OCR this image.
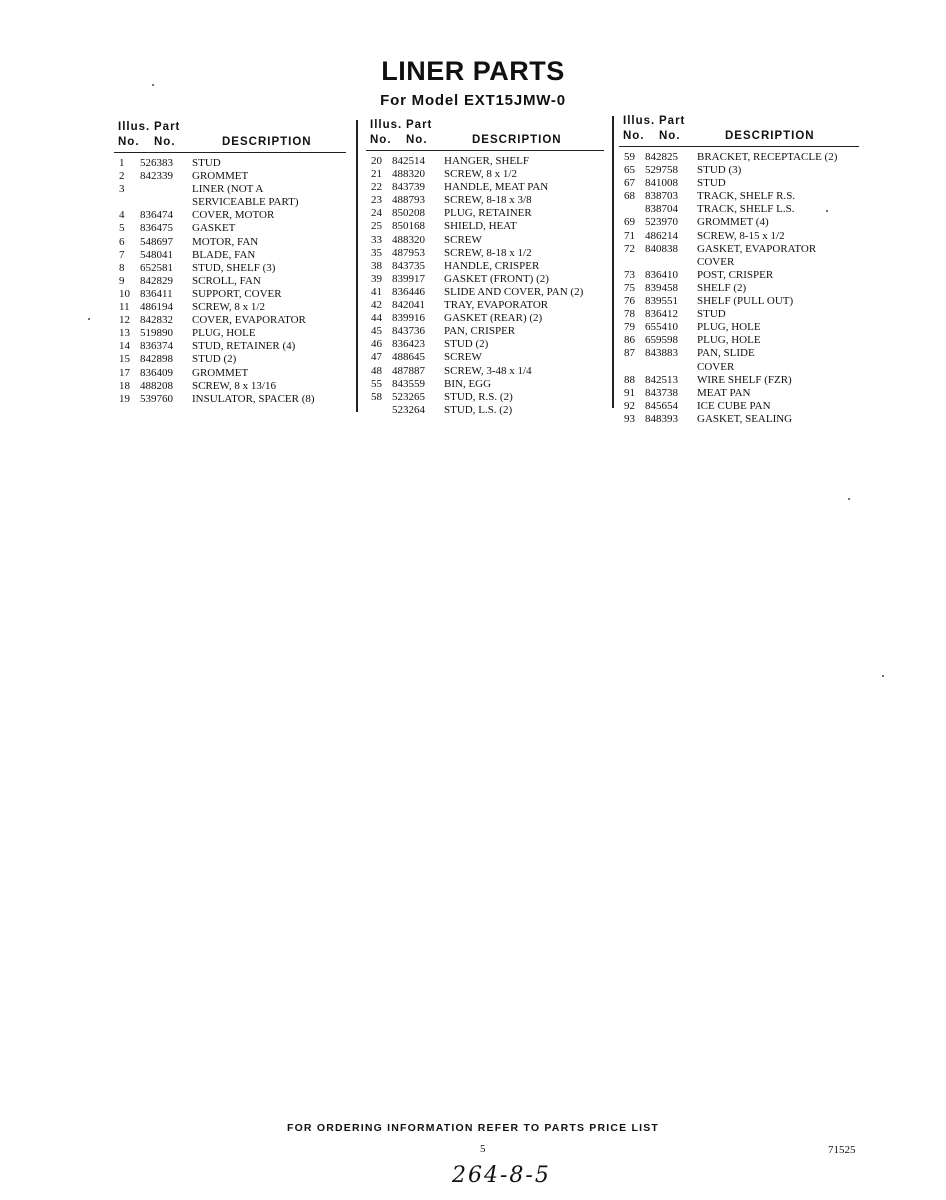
LINER PARTS
For Model EXT15JMW-0
Illus. Part
No. No.	DESCRIPTION
1 526383 STUD
2 842339 GROMMET
3	LINER (NOT A
SERVICEABLE PART)
4 836474 COVER, MOTOR
5 836475 GASKET
6 548697 MOTOR, FAN
7 548041 BLADE, FAN
8 652581 STUD, SHELF (3)
9 842829 SCROLL, FAN
10 836411 SUPPORT, COVER
11 486194 SCREW, 8 x 1/2
12 842832 COVER, EVAPORATOR
13 519890 PLUG, HOLE
14 836374 STUD, RETAINER (4)
15 842898 STUD (2)
17 836409 GROMMET
18 488208 SCREW, 8 x 13/16
19 539760 INSULATOR, SPACER (8)
Illus. Part
No. No.	DESCRIPTION
20 842514 HANGER, SHELF
21 488320 SCREW, 8 x 1/2
22 843739 HANDLE, MEAT PAN
23 488793 SCREW, 8-18 x 3/8
24 850208 PLUG, RETAINER
25 850168 SHIELD, HEAT
33 488320 SCREW
35 487953 SCREW, 8-18 x 1/2
38 843735 HANDLE, CRISPER
39 839917 GASKET (FRONT) (2)
41 836446 SLIDE AND COVER, PAN (2)
42 842041 TRAY, EVAPORATOR
44 839916 GASKET (REAR) (2)
45 843736 PAN, CRISPER
46 836423 STUD (2)
47 488645 SCREW
48 487887 SCREW, 3-48 x 1/4
55 843559 BIN, EGG
58 523265 STUD, R.S. (2)
523264 STUD, L.S. (2)
Illus. Part
No. No.	DESCRIPTION
59 842825 BRACKET, RECEPTACLE (2)
65 529758 STUD (3)
67 841008 STUD
68 838703 TRACK, SHELF R.S.
838704 TRACK, SHELF L.S.
69 523970 GROMMET (4)
71 486214 SCREW, 8-15 x 1/2
72 840838 GASKET, EVAPORATOR
COVER
73 836410 POST, CRISPER
75 839458 SHELF (2)
76 839551 SHELF (PULL OUT)
78 836412 STUD
79 655410 PLUG, HOLE
86 659598 PLUG, HOLE
87 843883 PAN, SLIDE
COVER
88 842513 WIRE SHELF (FZR)
91 843738 MEAT PAN
92 845654 ICE CUBE PAN
93 848393 GASKET, SEALING
FOR ORDERING INFORMATION REFER TO PARTS PRICE LIST
5	71525
264-8-5
